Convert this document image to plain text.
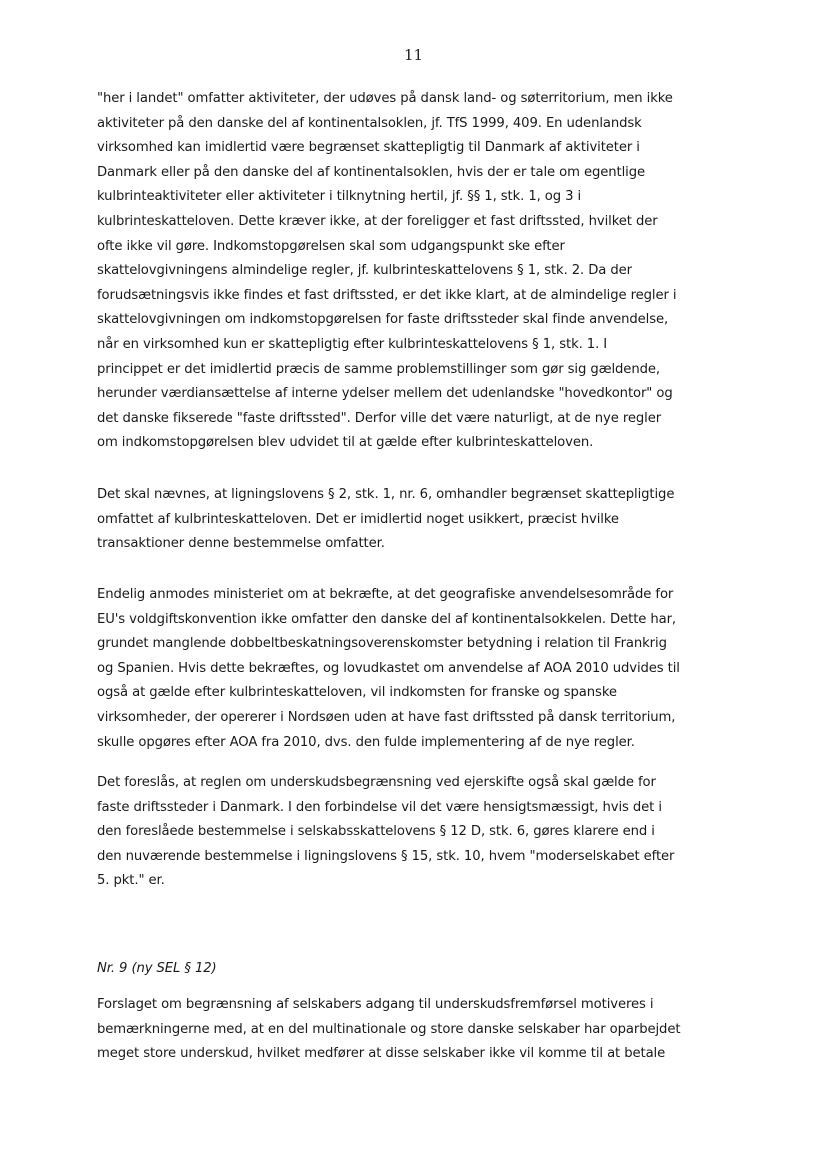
11
"her i landet" omfatter aktiviteter, der udøves på dansk land- og søterritorium, men ikke
aktiviteter på den danske del af kontinentalsoklen, jf. TfS 1999, 409. En udenlandsk
virksomhed kan imidlertid være begrænset skattepligtig til Danmark af aktiviteter i
Danmark eller på den danske del af kontinentalsoklen, hvis der er tale om egentlige
kulbrinteaktiviteter eller aktiviteter i tilknytning hertil, jf. §§ 1, stk. 1, og 3 i
kulbrinteskatteloven. Dette kræver ikke, at der foreligger et fast driftssted, hvilket der
ofte ikke vil gøre. Indkomstopgørelsen skal som udgangspunkt ske efter
skattelovgivningens almindelige regler, jf. kulbrinteskattelovens § 1, stk. 2. Da der
forudsætningsvis ikke findes et fast driftssted, er det ikke klart, at de almindelige regler i
skattelovgivningen om indkomstopgørelsen for faste driftssteder skal finde anvendelse,
når en virksomhed kun er skattepligtig efter kulbrinteskattelovens § 1, stk. 1. I
princippet er det imidlertid præcis de samme problemstillinger som gør sig gældende,
herunder værdiansættelse af interne ydelser mellem det udenlandske "hovedkontor" og
det danske fikserede "faste driftssted". Derfor ville det være naturligt, at de nye regler
om indkomstopgørelsen blev udvidet til at gælde efter kulbrinteskatteloven.
Det skal nævnes, at ligningslovens § 2, stk. 1, nr. 6, omhandler begrænset skattepligtige
omfattet af kulbrinteskatteloven. Det er imidlertid noget usikkert, præcist hvilke
transaktioner denne bestemmelse omfatter.
Endelig anmodes ministeriet om at bekræfte, at det geografiske anvendelsesområde for
EU's voldgiftskonvention ikke omfatter den danske del af kontinentalsokkelen. Dette har,
grundet manglende dobbeltbeskatningsoverenskomster betydning i relation til Frankrig
og Spanien. Hvis dette bekræftes, og lovudkastet om anvendelse af AOA 2010 udvides til
også at gælde efter kulbrinteskatteloven, vil indkomsten for franske og spanske
virksomheder, der opererer i Nordsøen uden at have fast driftssted på dansk territorium,
skulle opgøres efter AOA fra 2010, dvs. den fulde implementering af de nye regler.
Det foreslås, at reglen om underskudsbegrænsning ved ejerskifte også skal gælde for
faste driftssteder i Danmark. I den forbindelse vil det være hensigtsmæssigt, hvis det i
den foreslåede bestemmelse i selskabsskattelovens § 12 D, stk. 6, gøres klarere end i
den nuværende bestemmelse i ligningslovens § 15, stk. 10, hvem "moderselskabet efter
5. pkt." er.
Nr. 9 (ny SEL § 12)
Forslaget om begrænsning af selskabers adgang til underskudsfremførsel motiveres i
bemærkningerne med, at en del multinationale og store danske selskaber har oparbejdet
meget store underskud, hvilket medfører at disse selskaber ikke vil komme til at betale
